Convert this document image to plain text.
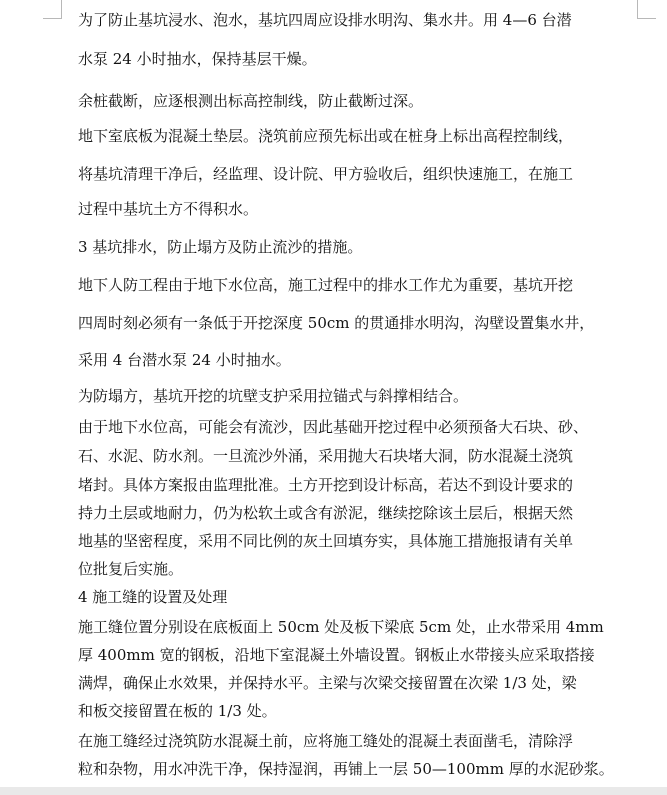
为了防止基坑浸水、泡水，基坑四周应设排水明沟、集水井。用 4—6 台潜
水泵 24 小时抽水，保持基层干燥。
余桩截断，应逐根测出标高控制线，防止截断过深。
地下室底板为混凝土垫层。浇筑前应预先标出或在桩身上标出高程控制线，
将基坑清理干净后，经监理、设计院、甲方验收后，组织快速施工，在施工
过程中基坑土方不得积水。
3 基坑排水，防止塌方及防止流沙的措施。
地下人防工程由于地下水位高，施工过程中的排水工作尤为重要，基坑开挖
四周时刻必须有一条低于开挖深度 50cm 的贯通排水明沟，沟壁设置集水井，
采用 4 台潜水泵 24 小时抽水。
为防塌方，基坑开挖的坑壁支护采用拉锚式与斜撑相结合。
由于地下水位高，可能会有流沙，因此基础开挖过程中必须预备大石块、砂、
石、水泥、防水剂。一旦流沙外涌，采用抛大石块堵大洞，防水混凝土浇筑
堵封。具体方案报由监理批准。土方开挖到设计标高，若达不到设计要求的
持力土层或地耐力，仍为松软土或含有淤泥，继续挖除该土层后，根据天然
地基的坚密程度，采用不同比例的灰土回填夯实，具体施工措施报请有关单
位批复后实施。
4 施工缝的设置及处理
施工缝位置分别设在底板面上 50cm 处及板下梁底 5cm 处，止水带采用 4mm
厚 400mm 宽的钢板，沿地下室混凝土外墙设置。钢板止水带接头应采取搭接
满焊，确保止水效果，并保持水平。主梁与次梁交接留置在次梁 1/3 处，梁
和板交接留置在板的 1/3 处。
在施工缝经过浇筑防水混凝土前，应将施工缝处的混凝土表面凿毛，清除浮
粒和杂物，用水冲洗干净，保持湿润，再铺上一层 50—100mm 厚的水泥砂浆。
